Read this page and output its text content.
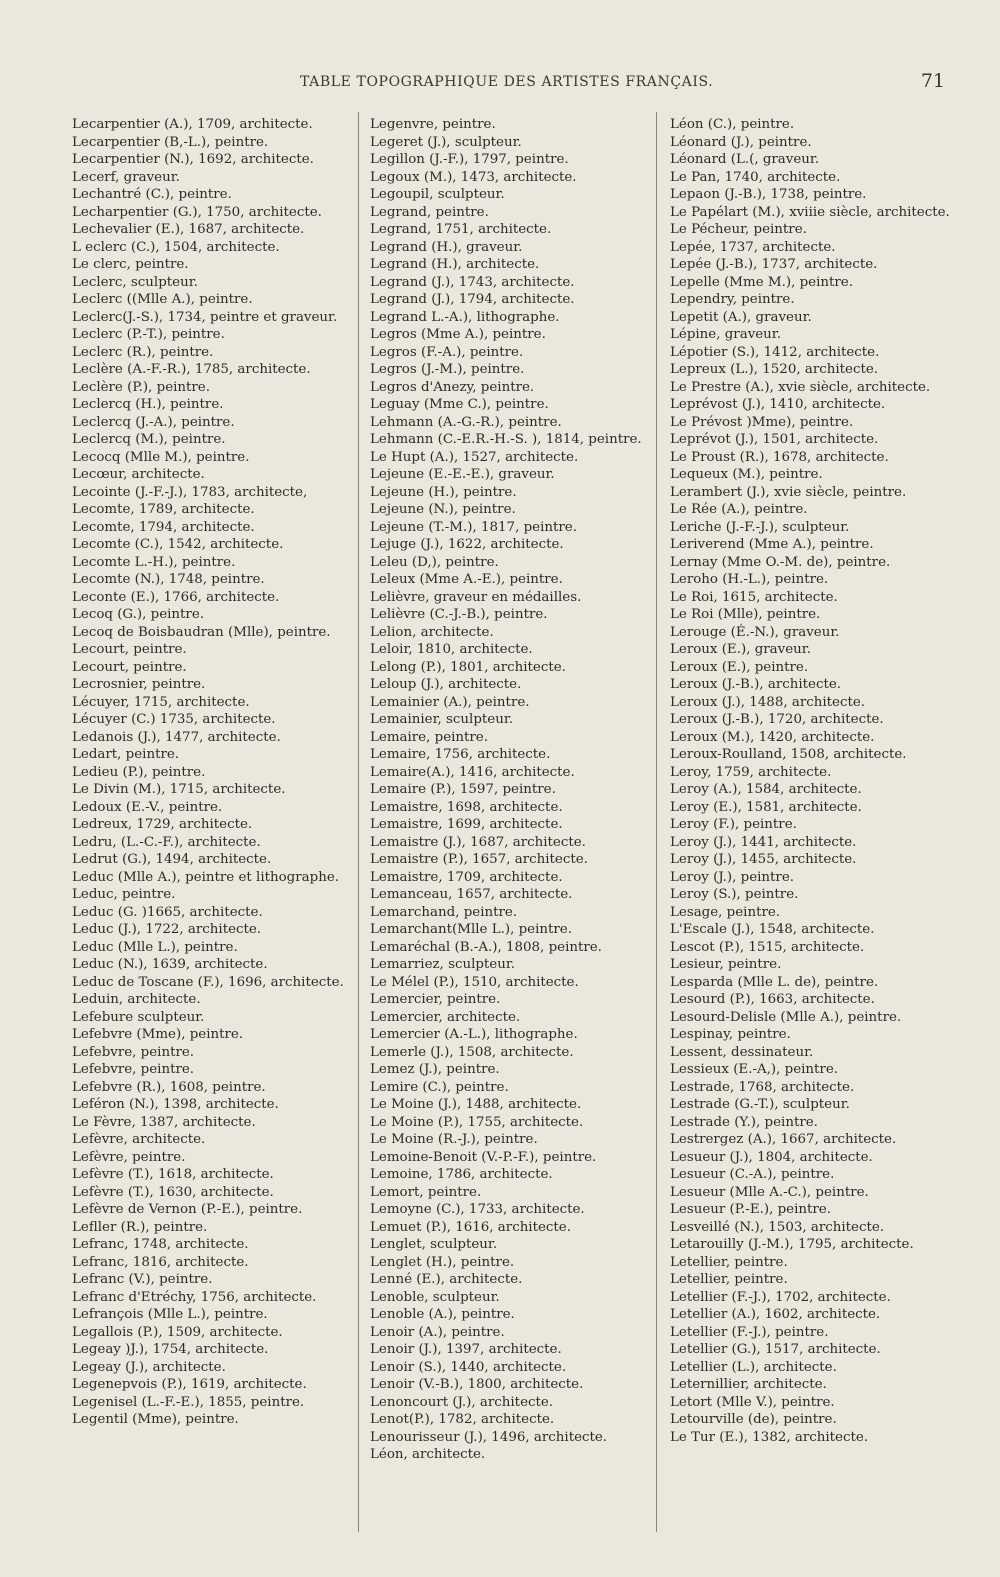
TABLE TOPOGRAPHIQUE DES ARTISTES FRANÇAIS.	71

Lecarpentier (A.), 1709, architecte.

Lecarpentier (B,-L.), peintre.

Lecarpentier (N.), 1692, architecte.

Lecerf, graveur.

Lechantré (C.), peintre.

Lecharpentier (G.), 1750, architecte.

Lechevalier (E.), 1687, architecte.

L eclerc (C.), 1504, architecte.

Le clerc, peintre.

Leclerc, sculpteur.

Leclerc ((Mlle A.), peintre.

Leclerc(J.-S.), 1734, peintre et graveur.

Leclerc (P.-T.), peintre.

Leclerc (R.), peintre.

Leclère (A.-F.-R.), 1785, architecte.

Leclère (P.), peintre.

Leclercq (H.), peintre.

Leclercq (J.-A.), peintre.

Leclercq (M.), peintre.

Lecocq (Mlle M.), peintre.

Lecœur, architecte.

Lecointe (J.-F.-J.), 1783, architecte,

Lecomte, 1789, architecte.

Lecomte, 1794, architecte.

Lecomte (C.), 1542, architecte.

Lecomte L.-H.), peintre.

Lecomte (N.), 1748, peintre.

Leconte (E.), 1766, architecte.

Lecoq (G.), peintre.

Lecoq de Boisbaudran (Mlle), peintre.

Lecourt, peintre.

Lecourt, peintre.

Lecrosnier, peintre.

Lécuyer, 1715, architecte.

Lécuyer (C.) 1735, architecte.

Ledanois (J.), 1477, architecte.

Ledart, peintre.

Ledieu (P.), peintre.

Le Divin (M.), 1715, architecte.

Ledoux (E.-V., peintre.

Ledreux, 1729, architecte.

Ledru, (L.-C.-F.), architecte.

Ledrut (G.), 1494, architecte.

Leduc (Mlle A.), peintre et lithographe.

Leduc, peintre.

Leduc (G. )1665, architecte.

Leduc (J.), 1722, architecte.

Leduc (Mlle L.), peintre.

Leduc (N.), 1639, architecte.

Leduc de Toscane (F.), 1696, architecte.

Leduin, architecte.

Lefebure sculpteur.

Lefebvre (Mme), peintre.

Lefebvre, peintre.

Lefebvre, peintre.

Lefebvre (R.), 1608, peintre.

Leféron (N.), 1398, architecte.

Le Fèvre, 1387, architecte.

Lefèvre, architecte.

Lefèvre, peintre.

Lefèvre (T.), 1618, architecte.

Lefèvre (T.), 1630, architecte.

Lefèvre de Vernon (P.-E.), peintre.

Lefller (R.), peintre.

Lefranc, 1748, architecte.

Lefranc, 1816, architecte.

Lefranc (V.), peintre.

Lefranc d'Etréchy, 1756, architecte.

Lefrançois (Mlle L.), peintre.

Legallois (P.), 1509, architecte.

Legeay )J.), 1754, architecte.

Legeay (J.), architecte.

Legenepvois (P.), 1619, architecte.

Legenisel (L.-F.-E.), 1855, peintre.

Legentil (Mme), peintre.

Legenvre, peintre.

Legeret (J.), sculpteur.

Legillon (J.-F.), 1797, peintre.

Legoux (M.), 1473, architecte.

Legoupil, sculpteur.

Legrand, peintre.

Legrand, 1751, architecte.

Legrand (H.), graveur.

Legrand (H.), architecte.

Legrand (J.), 1743, architecte.

Legrand (J.), 1794, architecte.

Legrand L.-A.), lithographe.

Legros (Mme A.), peintre.

Legros (F.-A.), peintre.

Legros (J.-M.), peintre.

Legros d'Anezy, peintre.

Leguay (Mme C.), peintre.

Lehmann (A.-G.-R.), peintre.

Lehmann (C.-E.R.-H.-S. ), 1814, peintre.

Le Hupt (A.), 1527, architecte.

Lejeune (E.-E.-E.), graveur.

Lejeune (H.), peintre.

Lejeune (N.), peintre.

Lejeune (T.-M.), 1817, peintre.

Lejuge (J.), 1622, architecte.

Leleu (D,), peintre.

Leleux (Mme A.-E.), peintre.

Lelièvre, graveur en médailles.

Lelièvre (C.-J.-B.), peintre.

Lelion, architecte.

Leloir, 1810, architecte.

Lelong (P.), 1801, architecte.

Leloup (J.), architecte.

Lemainier (A.), peintre.

Lemainier, sculpteur.

Lemaire, peintre.

Lemaire, 1756, architecte.

Lemaire(A.), 1416, architecte.

Lemaire (P.), 1597, peintre.

Lemaistre, 1698, architecte.

Lemaistre, 1699, architecte.

Lemaistre (J.), 1687, architecte.

Lemaistre (P.), 1657, architecte.

Lemaistre, 1709, architecte.

Lemanceau, 1657, architecte.

Lemarchand, peintre.

Lemarchant(Mlle L.), peintre.

Lemaréchal (B.-A.), 1808, peintre.

Lemarriez, sculpteur.

Le Mélel (P.), 1510, architecte.

Lemercier, peintre.

Lemercier, architecte.

Lemercier (A.-L.), lithographe.

Lemerle (J.), 1508, architecte.

Lemez (J.), peintre.

Lemire (C.), peintre.

Le Moine (J.), 1488, architecte.

Le Moine (P.), 1755, architecte.

Le Moine (R.-J.), peintre.

Lemoine-Benoit (V.-P.-F.), peintre.

Lemoine, 1786, architecte.

Lemort, peintre.

Lemoyne (C.), 1733, architecte.

Lemuet (P.), 1616, architecte.

Lenglet, sculpteur.

Lenglet (H.), peintre.

Lenné (E.), architecte.

Lenoble, sculpteur.

Lenoble (A.), peintre.

Lenoir (A.), peintre.

Lenoir (J.), 1397, architecte.

Lenoir (S.), 1440, architecte.

Lenoir (V.-B.), 1800, architecte.

Lenoncourt (J.), architecte.

Lenot(P.), 1782, architecte.

Lenourisseur (J.), 1496, architecte.

Léon, architecte.

Léon (C.), peintre.

Léonard (J.), peintre.

Léonard (L.(, graveur.

Le Pan, 1740, architecte.

Lepaon (J.-B.), 1738, peintre.

Le Papélart (M.), xviiie siècle, architecte.

Le Pécheur, peintre.

Lepée, 1737, architecte.

Lepée (J.-B.), 1737, architecte.

Lepelle (Mme M.), peintre.

Lependry, peintre.

Lepetit (A.), graveur.

Lépine, graveur.

Lépotier (S.), 1412, architecte.

Lepreux (L.), 1520, architecte.

Le Prestre (A.), xvie siècle, architecte.

Leprévost (J.), 1410, architecte.

Le Prévost )Mme), peintre.

Leprévot (J.), 1501, architecte.

Le Proust (R.), 1678, architecte.

Lequeux (M.), peintre.

Lerambert (J.), xvie siècle, peintre.

Le Rée (A.), peintre.

Leriche (J.-F.-J.), sculpteur.

Leriverend (Mme A.), peintre.

Lernay (Mme O.-M. de), peintre.

Leroho (H.-L.), peintre.

Le Roi, 1615, architecte.

Le Roi (Mlle), peintre.

Lerouge (É.-N.), graveur.

Leroux (E.), graveur.

Leroux (E.), peintre.

Leroux (J.-B.), architecte.

Leroux (J.), 1488, architecte.

Leroux (J.-B.), 1720, architecte.

Leroux (M.), 1420, architecte.

Leroux-Roulland, 1508, architecte.

Leroy, 1759, architecte.

Leroy (A.), 1584, architecte.

Leroy (E.), 1581, architecte.

Leroy (F.), peintre.

Leroy (J.), 1441, architecte.

Leroy (J.), 1455, architecte.

Leroy (J.), peintre.

Leroy (S.), peintre.

Lesage, peintre.

L'Escale (J.), 1548, architecte.

Lescot (P.), 1515, architecte.

Lesieur, peintre.

Lesparda (Mlle L. de), peintre.

Lesourd (P.), 1663, architecte.

Lesourd-Delisle (Mlle A.), peintre.

Lespinay, peintre.

Lessent, dessinateur.

Lessieux (E.-A,), peintre.

Lestrade, 1768, architecte.

Lestrade (G.-T.), sculpteur.

Lestrade (Y.), peintre.

Lestrergez (A.), 1667, architecte.

Lesueur (J.), 1804, architecte.

Lesueur (C.-A.), peintre.

Lesueur (Mlle A.-C.), peintre.

Lesueur (P.-E.), peintre.

Lesveillé (N.), 1503, architecte.

Letarouilly (J.-M.), 1795, architecte.

Letellier, peintre.

Letellier, peintre.

Letellier (F.-J.), 1702, architecte.

Letellier (A.), 1602, architecte.

Letellier (F.-J.), peintre.

Letellier (G.), 1517, architecte.

Letellier (L.), architecte.

Leternillier, architecte.

Letort (Mlle V.), peintre.

Letourville (de), peintre.

Le Tur (E.), 1382, architecte.
